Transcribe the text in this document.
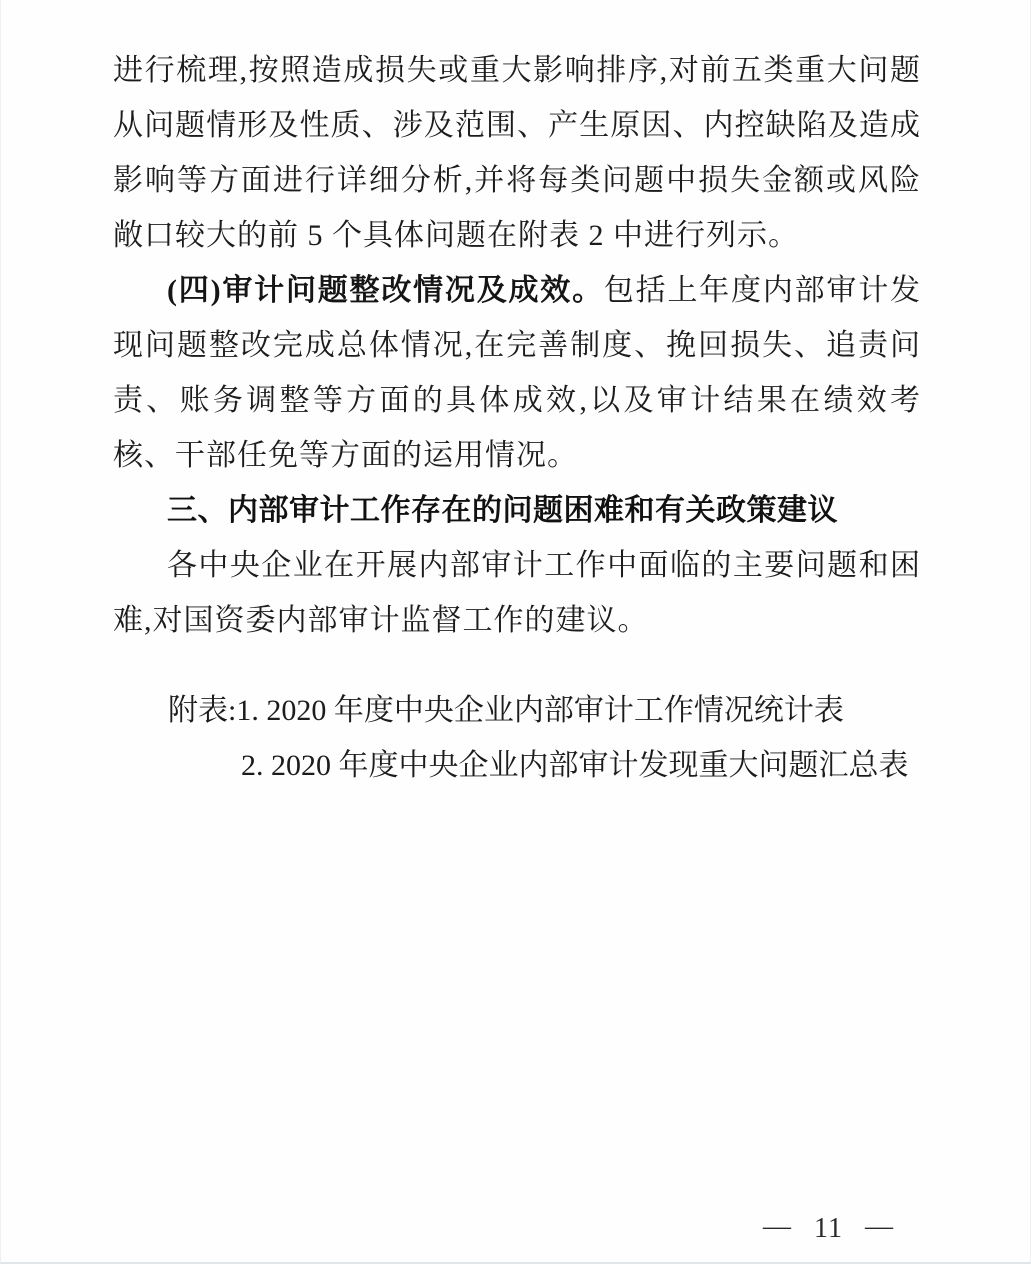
进行梳理,按照造成损失或重大影响排序,对前五类重大问题从问题情形及性质、涉及范围、产生原因、内控缺陷及造成影响等方面进行详细分析,并将每类问题中损失金额或风险敞口较大的前 5 个具体问题在附表 2 中进行列示。

(四)审计问题整改情况及成效。包括上年度内部审计发现问题整改完成总体情况,在完善制度、挽回损失、追责问责、账务调整等方面的具体成效,以及审计结果在绩效考核、干部任免等方面的运用情况。

三、内部审计工作存在的问题困难和有关政策建议

各中央企业在开展内部审计工作中面临的主要问题和困难,对国资委内部审计监督工作的建议。

附表:1. 2020 年度中央企业内部审计工作情况统计表
2. 2020 年度中央企业内部审计发现重大问题汇总表
— 11 —
